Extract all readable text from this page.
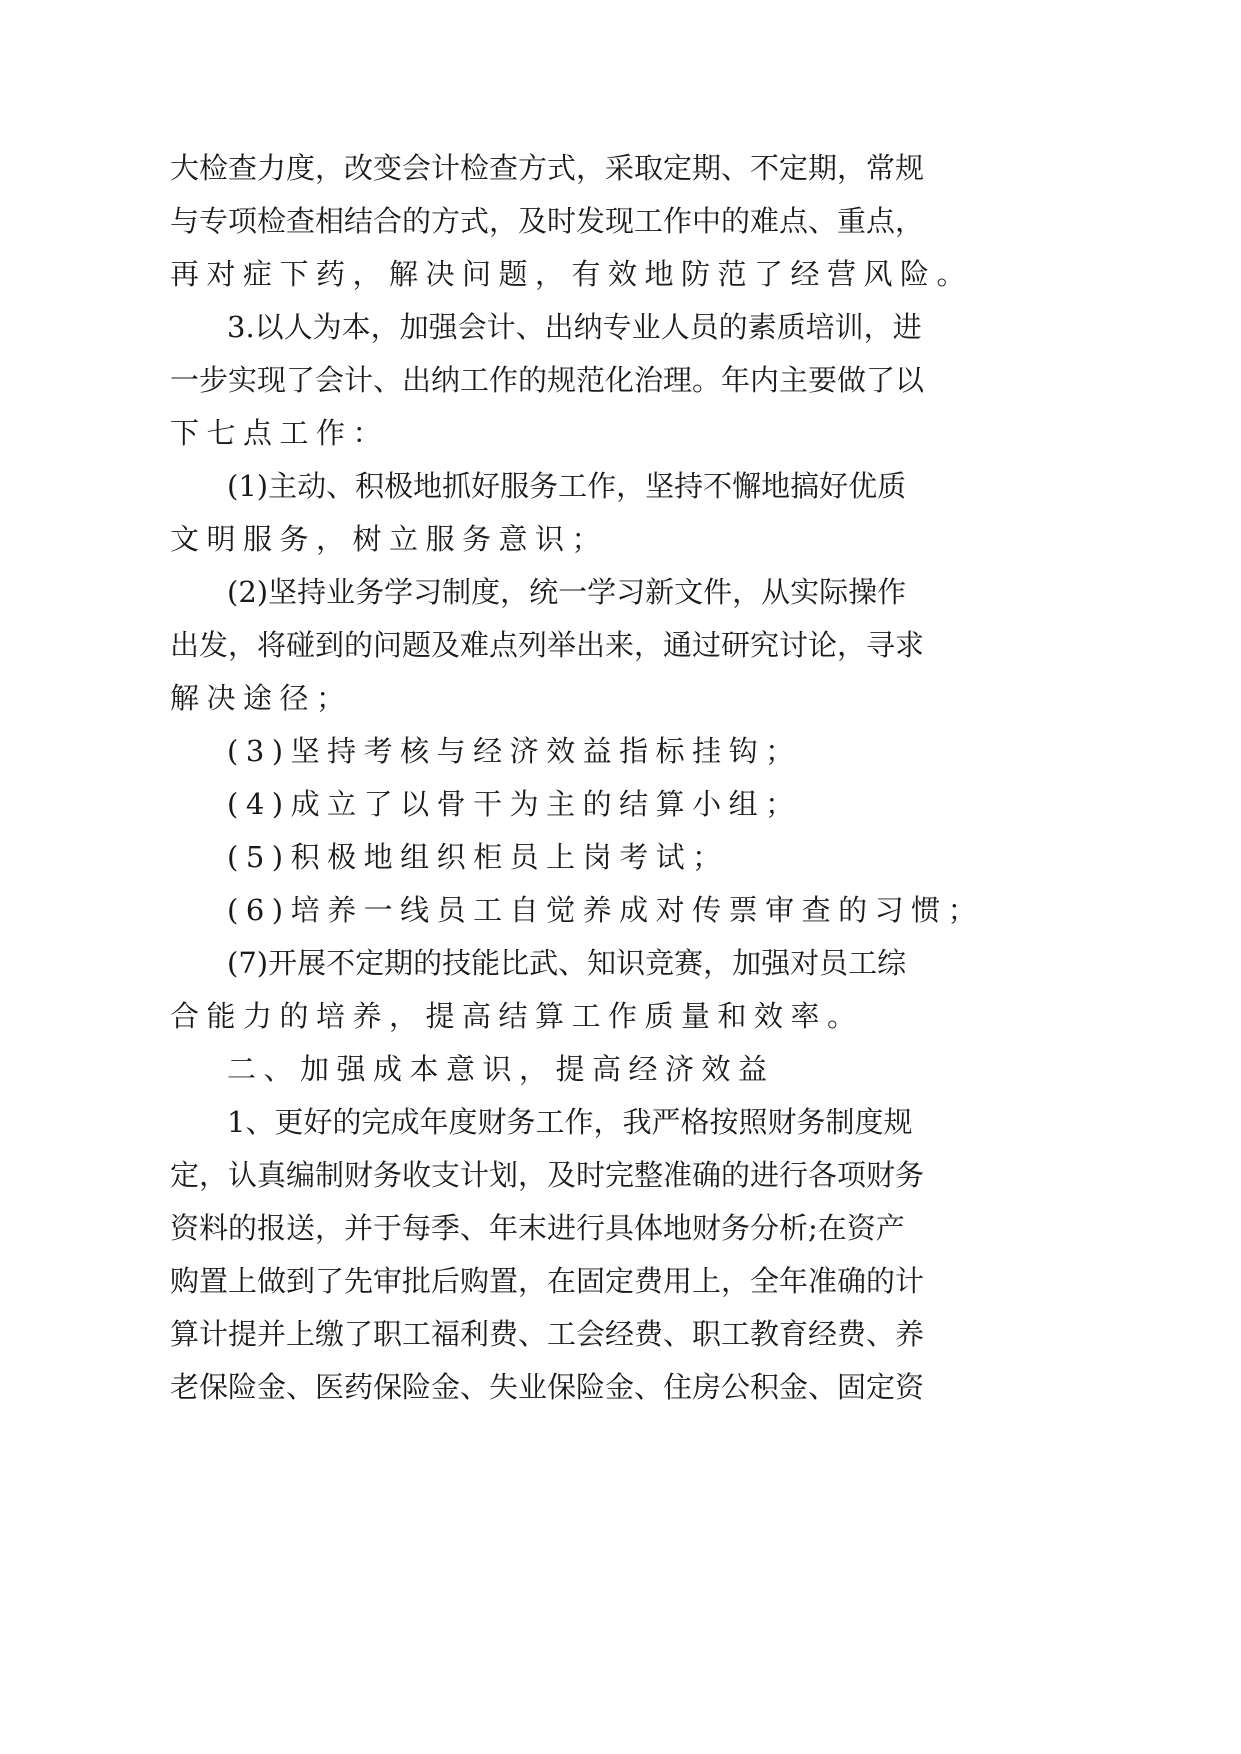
大检查力度，改变会计检查方式，采取定期、不定期，常规
与专项检查相结合的方式，及时发现工作中的难点、重点，
再对症下药，解决问题，有效地防范了经营风险。
3.以人为本，加强会计、出纳专业人员的素质培训，进
一步实现了会计、出纳工作的规范化治理。年内主要做了以
下七点工作：
(1)主动、积极地抓好服务工作，坚持不懈地搞好优质
文明服务，树立服务意识；
(2)坚持业务学习制度，统一学习新文件，从实际操作
出发，将碰到的问题及难点列举出来，通过研究讨论，寻求
解决途径；
(3)坚持考核与经济效益指标挂钩；
(4)成立了以骨干为主的结算小组；
(5)积极地组织柜员上岗考试；
(6)培养一线员工自觉养成对传票审查的习惯；
(7)开展不定期的技能比武、知识竞赛，加强对员工综
合能力的培养，提高结算工作质量和效率。
二、加强成本意识，提高经济效益
1、更好的完成年度财务工作，我严格按照财务制度规
定，认真编制财务收支计划，及时完整准确的进行各项财务
资料的报送，并于每季、年末进行具体地财务分析;在资产
购置上做到了先审批后购置，在固定费用上，全年准确的计
算计提并上缴了职工福利费、工会经费、职工教育经费、养
老保险金、医药保险金、失业保险金、住房公积金、固定资
